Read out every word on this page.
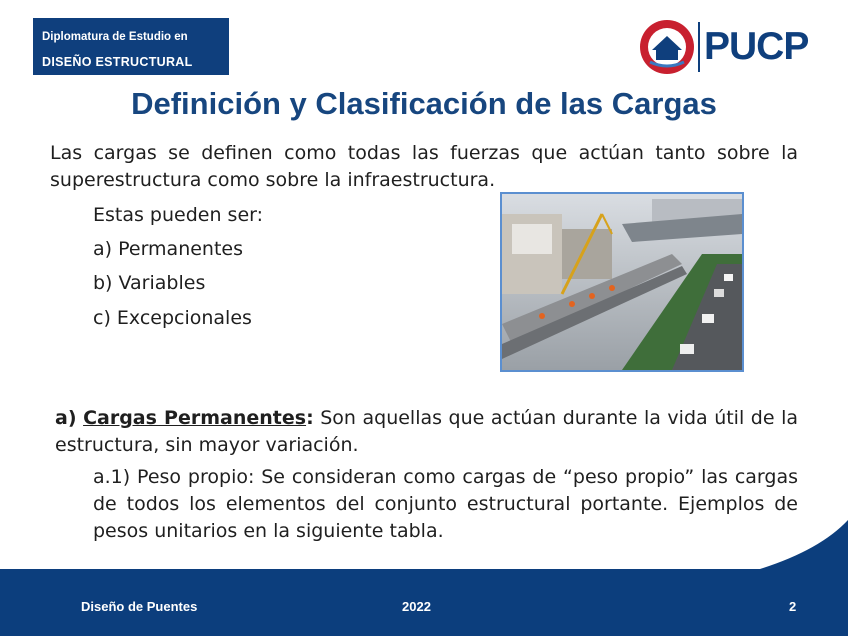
Diplomatura de Estudio en
DISEÑO ESTRUCTURAL	PUCP
Definición y Clasificación de las Cargas
Las cargas se definen como todas las fuerzas que actúan tanto sobre la superestructura como sobre la infraestructura.
Estas pueden ser:
a) Permanentes
b) Variables
c) Excepcionales
a) Cargas Permanentes: Son aquellas que actúan durante la vida útil de la estructura, sin mayor variación.
a.1) Peso propio: Se consideran como cargas de “peso propio” las cargas de todos los elementos del conjunto estructural portante. Ejemplos de pesos unitarios en la siguiente tabla.
Diseño de Puentes	2022	2
